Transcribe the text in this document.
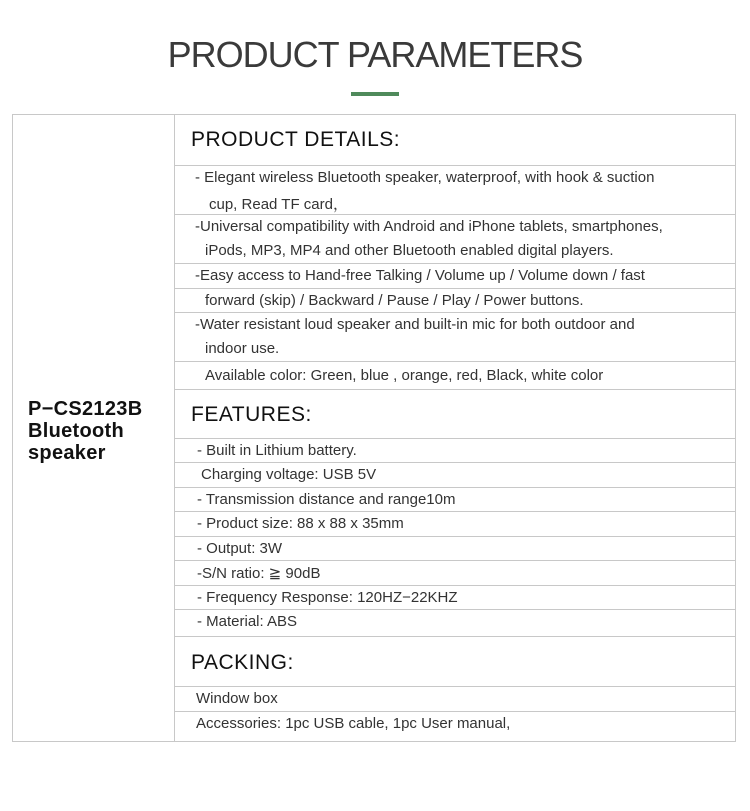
PRODUCT PARAMETERS
P−CS2123B
Bluetooth
speaker
PRODUCT DETAILS:
- Elegant wireless Bluetooth speaker, waterproof, with hook & suction
cup, Read TF card，
-Universal compatibility with Android and iPhone tablets, smartphones,
iPods, MP3, MP4 and other Bluetooth enabled digital players.
-Easy access to Hand-free Talking / Volume up / Volume down / fast
forward (skip) / Backward / Pause / Play / Power buttons.
-Water resistant loud speaker and built-in mic for both outdoor and
indoor use.
Available color: Green, blue , orange, red, Black, white color
FEATURES:
- Built in Lithium battery.
Charging voltage: USB 5V
- Transmission distance and range10m
- Product size: 88 x 88 x 35mm
- Output: 3W
-S/N ratio: ≧ 90dB
- Frequency Response: 120HZ−22KHZ
- Material: ABS
PACKING:
Window box
Accessories: 1pc USB cable, 1pc User manual,
